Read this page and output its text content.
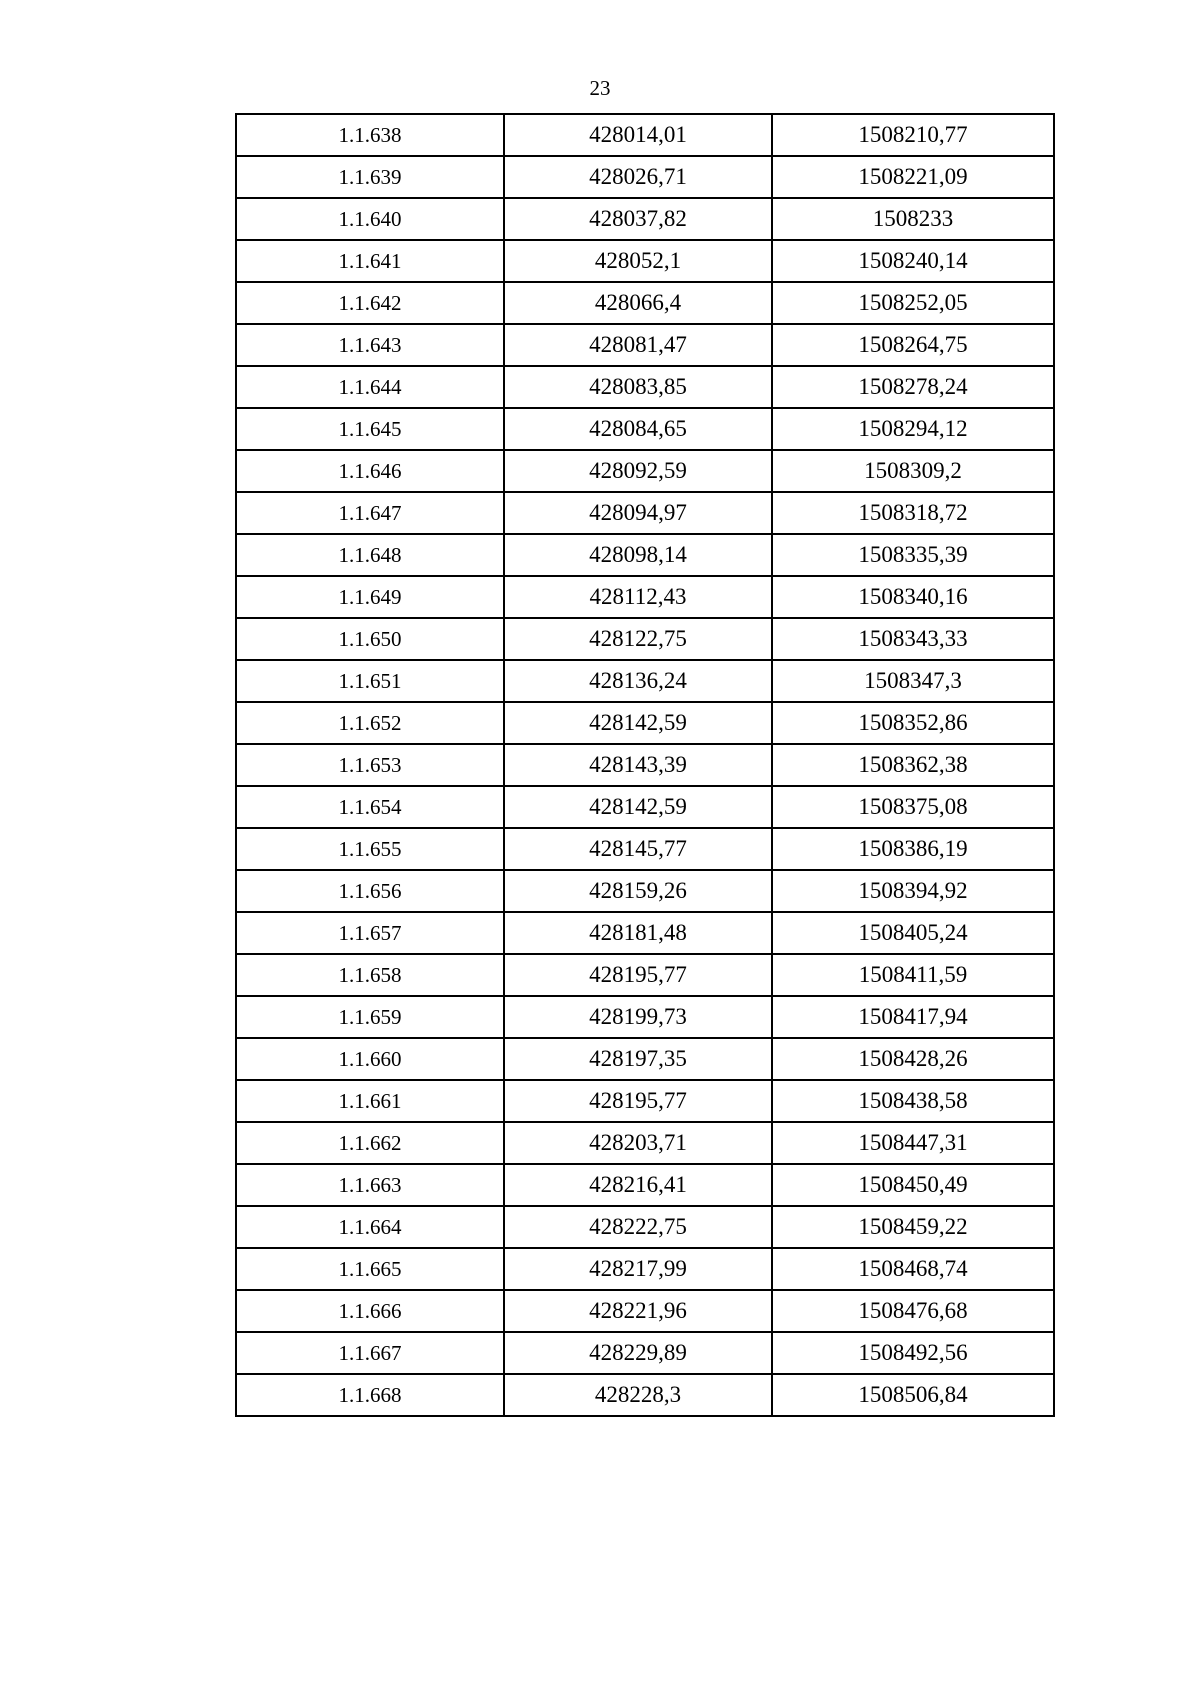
23
1.1.638	428014,01	1508210,77
1.1.639	428026,71	1508221,09
1.1.640	428037,82	1508233
1.1.641	428052,1	1508240,14
1.1.642	428066,4	1508252,05
1.1.643	428081,47	1508264,75
1.1.644	428083,85	1508278,24
1.1.645	428084,65	1508294,12
1.1.646	428092,59	1508309,2
1.1.647	428094,97	1508318,72
1.1.648	428098,14	1508335,39
1.1.649	428112,43	1508340,16
1.1.650	428122,75	1508343,33
1.1.651	428136,24	1508347,3
1.1.652	428142,59	1508352,86
1.1.653	428143,39	1508362,38
1.1.654	428142,59	1508375,08
1.1.655	428145,77	1508386,19
1.1.656	428159,26	1508394,92
1.1.657	428181,48	1508405,24
1.1.658	428195,77	1508411,59
1.1.659	428199,73	1508417,94
1.1.660	428197,35	1508428,26
1.1.661	428195,77	1508438,58
1.1.662	428203,71	1508447,31
1.1.663	428216,41	1508450,49
1.1.664	428222,75	1508459,22
1.1.665	428217,99	1508468,74
1.1.666	428221,96	1508476,68
1.1.667	428229,89	1508492,56
1.1.668	428228,3	1508506,84
